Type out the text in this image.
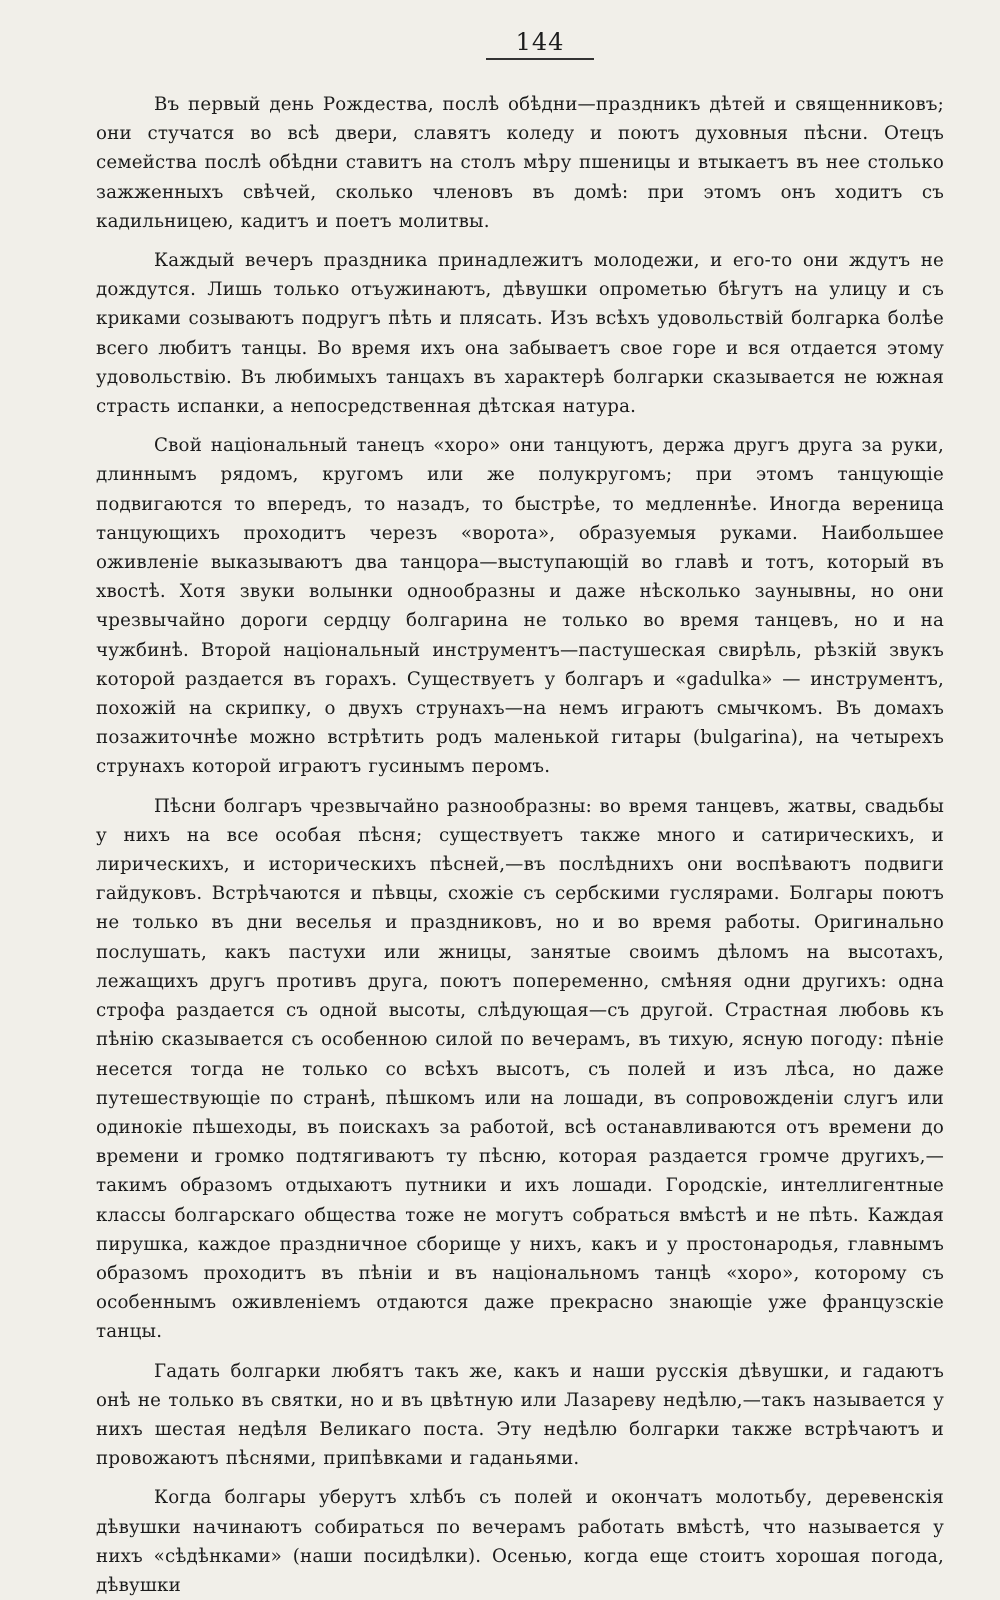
144

Въ первый день Рождества, послѣ обѣдни—праздникъ дѣтей и священниковъ; они стучатся во всѣ двери, славятъ коледу и поютъ духовныя пѣсни. Отецъ семейства послѣ обѣдни ставитъ на столъ мѣру пшеницы и втыкаетъ въ нее столько зажженныхъ свѣчей, сколько членовъ въ домѣ: при этомъ онъ ходитъ съ кадильницею, кадитъ и поетъ молитвы.

Каждый вечеръ праздника принадлежитъ молодежи, и его-то они ждутъ не дождутся. Лишь только отъужинаютъ, дѣвушки опрометью бѣгутъ на улицу и съ криками созываютъ подругъ пѣть и плясать. Изъ всѣхъ удовольствiй болгарка болѣе всего любитъ танцы. Во время ихъ она забываетъ свое горе и вся отдается этому удовольствiю. Въ любимыхъ танцахъ въ характерѣ болгарки сказывается не южная страсть испанки, а непосредственная дѣтская натура.

Свой нацiональный танецъ «хоро» они танцуютъ, держа другъ друга за руки, длиннымъ рядомъ, кругомъ или же полукругомъ; при этомъ танцующiе подвигаются то впередъ, то назадъ, то быстрѣе, то медленнѣе. Иногда вереница танцующихъ проходитъ черезъ «ворота», образуемыя руками. Наибольшее оживленiе выказываютъ два танцора—выступающiй во главѣ и тотъ, который въ хвостѣ. Хотя звуки волынки однообразны и даже нѣсколько заунывны, но они чрезвычайно дороги сердцу болгарина не только во время танцевъ, но и на чужбинѣ. Второй нацiональный инструментъ—пастушеская свирѣль, рѣзкiй звукъ которой раздается въ горахъ. Существуетъ у болгаръ и «gadulka» — инструментъ, похожiй на скрипку, о двухъ струнахъ—на немъ играютъ смычкомъ. Въ домахъ позажиточнѣе можно встрѣтить родъ маленькой гитары (bulgarina), на четырехъ струнахъ которой играютъ гусинымъ перомъ.

Пѣсни болгаръ чрезвычайно разнообразны: во время танцевъ, жатвы, свадьбы у нихъ на все особая пѣсня; существуетъ также много и сатирическихъ, и лирическихъ, и историческихъ пѣсней,—въ послѣднихъ они воспѣваютъ подвиги гайдуковъ. Встрѣчаются и пѣвцы, схожiе съ сербскими гуслярами. Болгары поютъ не только въ дни веселья и праздниковъ, но и во время работы. Оригинально послушать, какъ пастухи или жницы, занятые своимъ дѣломъ на высотахъ, лежащихъ другъ противъ друга, поютъ попеременно, смѣняя одни другихъ: одна строфа раздается съ одной высоты, слѣдующая—съ другой. Страстная любовь къ пѣнiю сказывается съ особенною силой по вечерамъ, въ тихую, ясную погоду: пѣнiе несется тогда не только со всѣхъ высотъ, съ полей и изъ лѣса, но даже путешествующiе по странѣ, пѣшкомъ или на лошади, въ сопровожденiи слугъ или одинокiе пѣшеходы, въ поискахъ за работой, всѣ останавливаются отъ времени до времени и громко подтягиваютъ ту пѣсню, которая раздается громче другихъ,—такимъ образомъ отдыхаютъ путники и ихъ лошади. Городскiе, интеллигентные классы болгарскаго общества тоже не могутъ собраться вмѣстѣ и не пѣть. Каждая пирушка, каждое праздничное сборище у нихъ, какъ и у простонародья, главнымъ образомъ проходитъ въ пѣнiи и въ нацiональномъ танцѣ «хоро», которому съ особеннымъ оживленiемъ отдаются даже прекрасно знающiе уже французскiе танцы.

Гадать болгарки любятъ такъ же, какъ и наши русскiя дѣвушки, и гадаютъ онѣ не только въ святки, но и въ цвѣтную или Лазареву недѣлю,—такъ называется у нихъ шестая недѣля Великаго поста. Эту недѣлю болгарки также встрѣчаютъ и провожаютъ пѣснями, припѣвками и гаданьями.

Когда болгары уберутъ хлѣбъ съ полей и окончатъ молотьбу, деревенскiя дѣвушки начинаютъ собираться по вечерамъ работать вмѣстѣ, что называется у нихъ «сѣдѣнками» (наши посидѣлки). Осенью, когда еще стоитъ хорошая погода, дѣвушки
